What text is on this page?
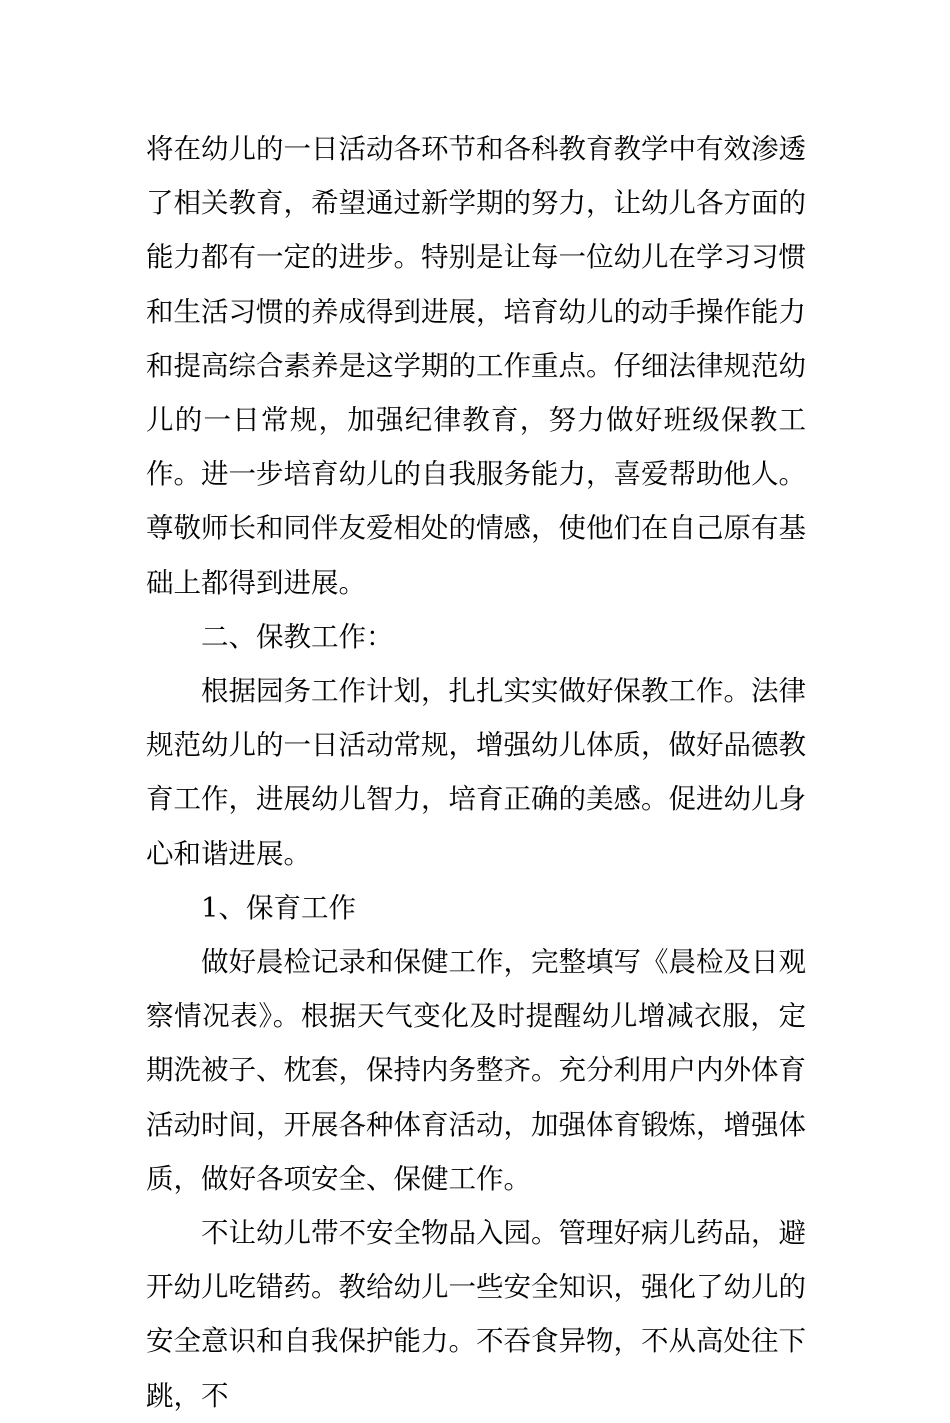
将在幼儿的一日活动各环节和各科教育教学中有效渗透了相关教育，希望通过新学期的努力，让幼儿各方面的能力都有一定的进步。特别是让每一位幼儿在学习习惯和生活习惯的养成得到进展，培育幼儿的动手操作能力和提高综合素养是这学期的工作重点。仔细法律规范幼儿的一日常规，加强纪律教育，努力做好班级保教工作。进一步培育幼儿的自我服务能力，喜爱帮助他人。尊敬师长和同伴友爱相处的情感，使他们在自己原有基础上都得到进展。

二、保教工作：

根据园务工作计划，扎扎实实做好保教工作。法律规范幼儿的一日活动常规，增强幼儿体质，做好品德教育工作，进展幼儿智力，培育正确的美感。促进幼儿身心和谐进展。

1、保育工作

做好晨检记录和保健工作，完整填写《晨检及日观察情况表》。根据天气变化及时提醒幼儿增减衣服，定期洗被子、枕套，保持内务整齐。充分利用户内外体育活动时间，开展各种体育活动，加强体育锻炼，增强体质，做好各项安全、保健工作。

不让幼儿带不安全物品入园。管理好病儿药品，避开幼儿吃错药。教给幼儿一些安全知识，强化了幼儿的安全意识和自我保护能力。不吞食异物，不从高处往下跳，不
